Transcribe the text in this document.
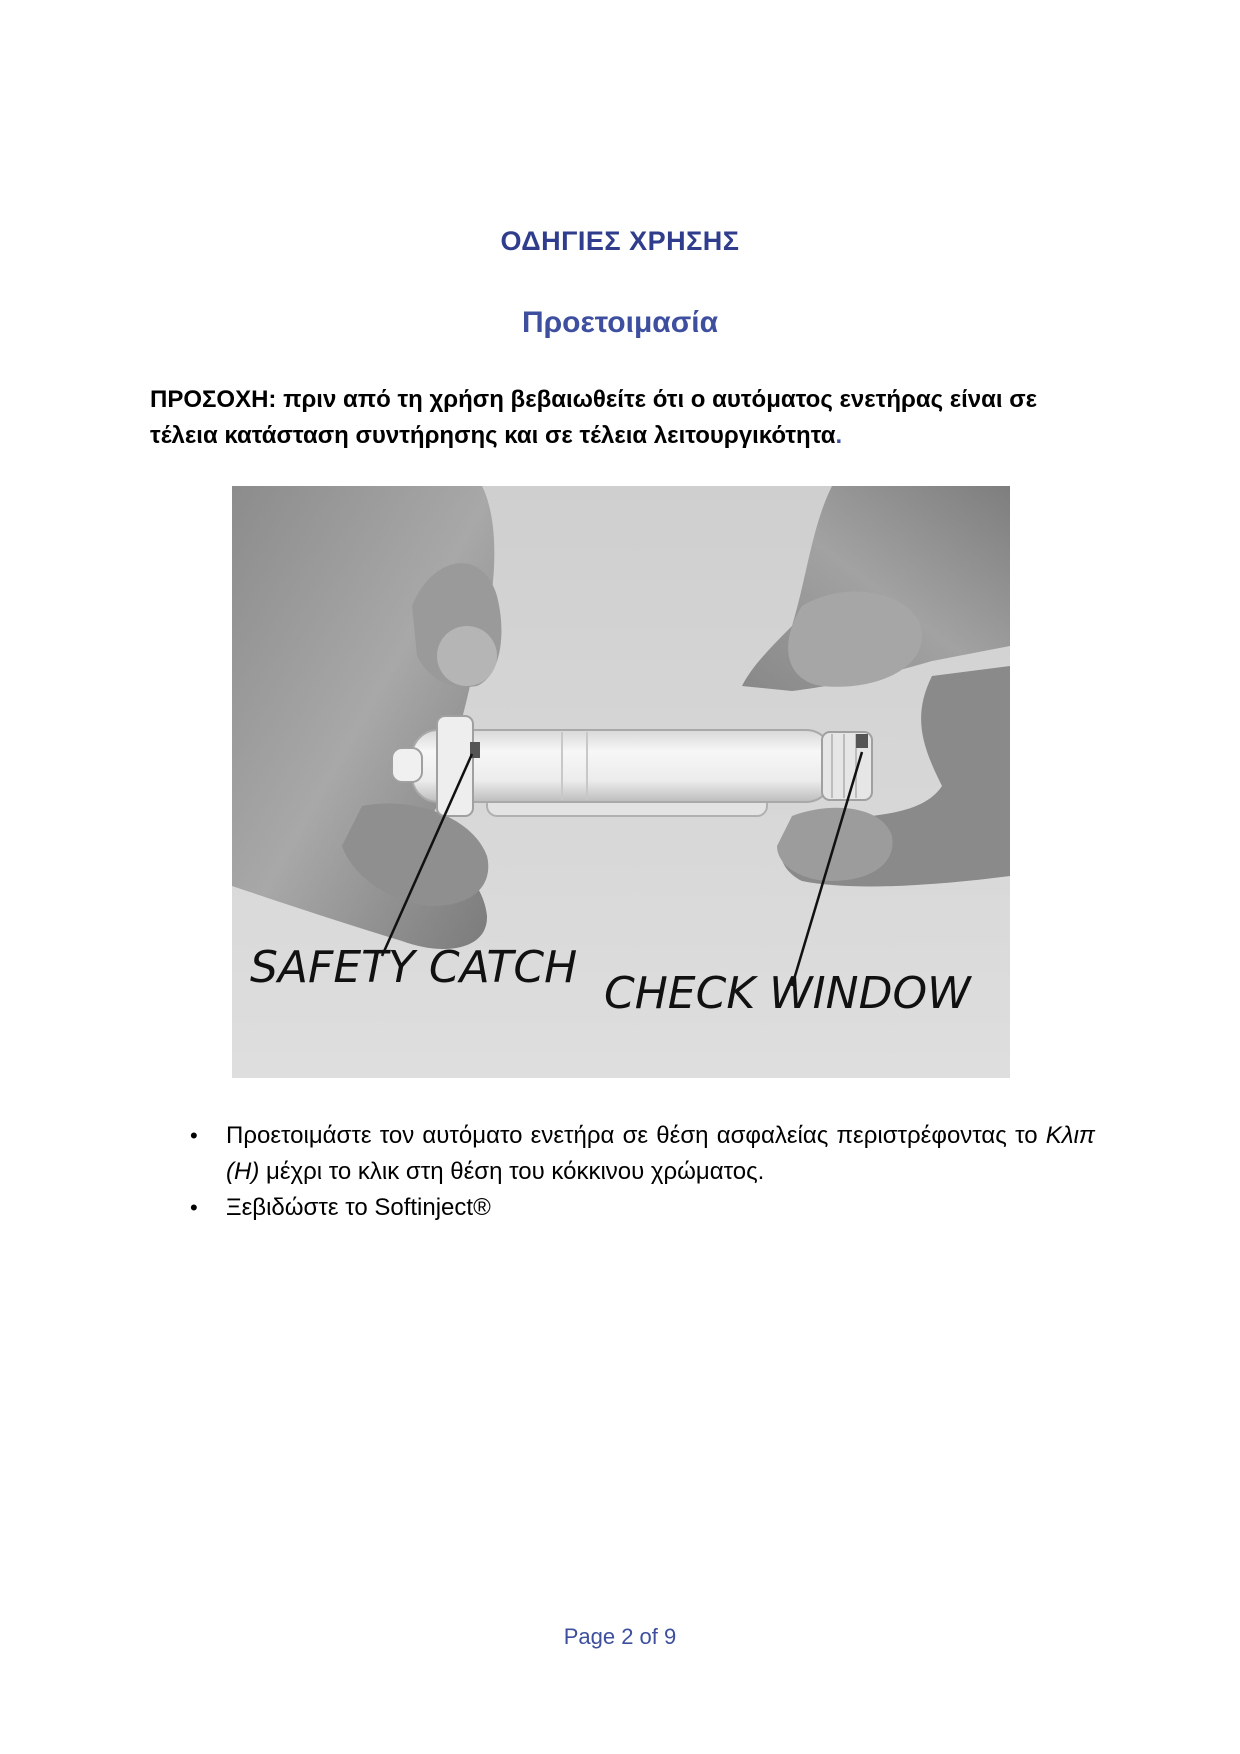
ΟΔΗΓΙΕΣ ΧΡΗΣΗΣ
Προετοιμασία
ΠΡΟΣΟΧΗ: πριν από τη χρήση βεβαιωθείτε ότι ο αυτόματος ενετήρας είναι σε τέλεια κατάσταση συντήρησης και σε τέλεια λειτουργικότητα.
SAFETY CATCH
CHECK WINDOW
• Προετοιμάστε τον αυτόματο ενετήρα σε θέση ασφαλείας περιστρέφοντας το Κλιπ (Η) μέχρι το κλικ στη θέση του κόκκινου χρώματος.
• Ξεβιδώστε το Softinject®
Page 2 of 9
